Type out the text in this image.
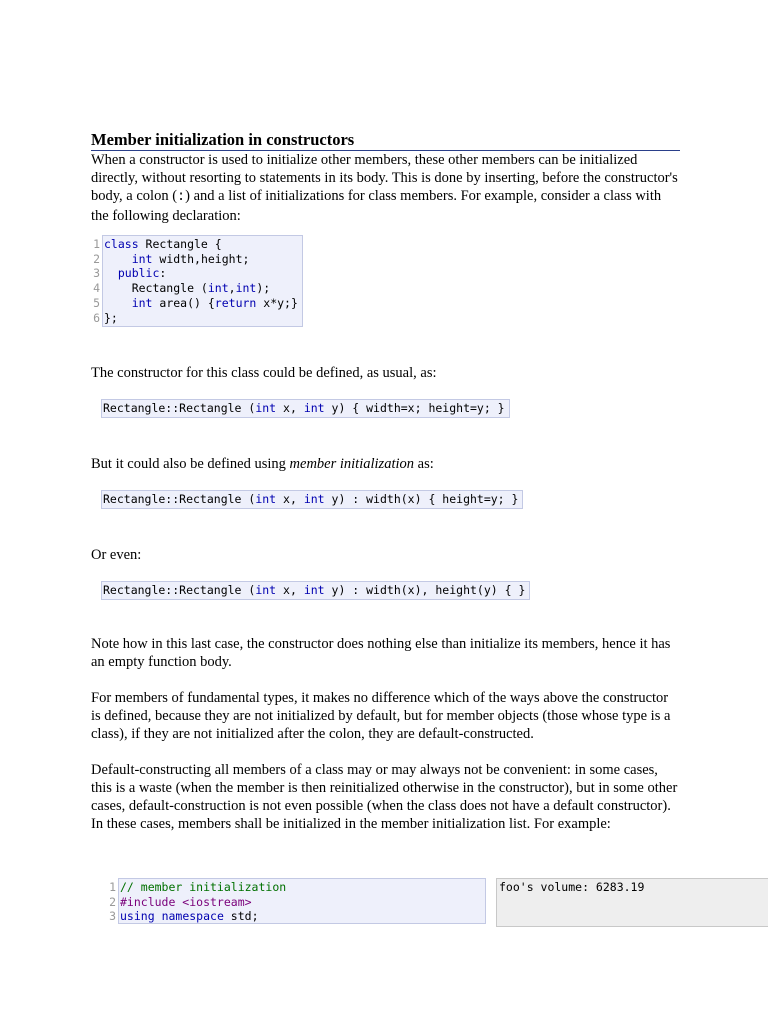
Member initialization in constructors

When a constructor is used to initialize other members, these other members can be initialized directly, without resorting to statements in its body. This is done by inserting, before the constructor's body, a colon (:) and a list of initializations for class members. For example, consider a class with the following declaration:

1
2
3
4
5
6
class Rectangle {
int width,height;
public:
Rectangle (int,int);
int area() {return x*y;}
};

The constructor for this class could be defined, as usual, as:

Rectangle::Rectangle (int x, int y) { width=x; height=y; }

But it could also be defined using member initialization as:

Rectangle::Rectangle (int x, int y) : width(x) { height=y; }

Or even:

Rectangle::Rectangle (int x, int y) : width(x), height(y) { }

Note how in this last case, the constructor does nothing else than initialize its members, hence it has an empty function body.

For members of fundamental types, it makes no difference which of the ways above the constructor is defined, because they are not initialized by default, but for member objects (those whose type is a class), if they are not initialized after the colon, they are default-constructed.

Default-constructing all members of a class may or may always not be convenient: in some cases, this is a waste (when the member is then reinitialized otherwise in the constructor), but in some other cases, default-construction is not even possible (when the class does not have a default constructor). In these cases, members shall be initialized in the member initialization list. For example:

1
2
3
// member initialization
#include <iostream>
using namespace std;
foo's volume: 6283.19
